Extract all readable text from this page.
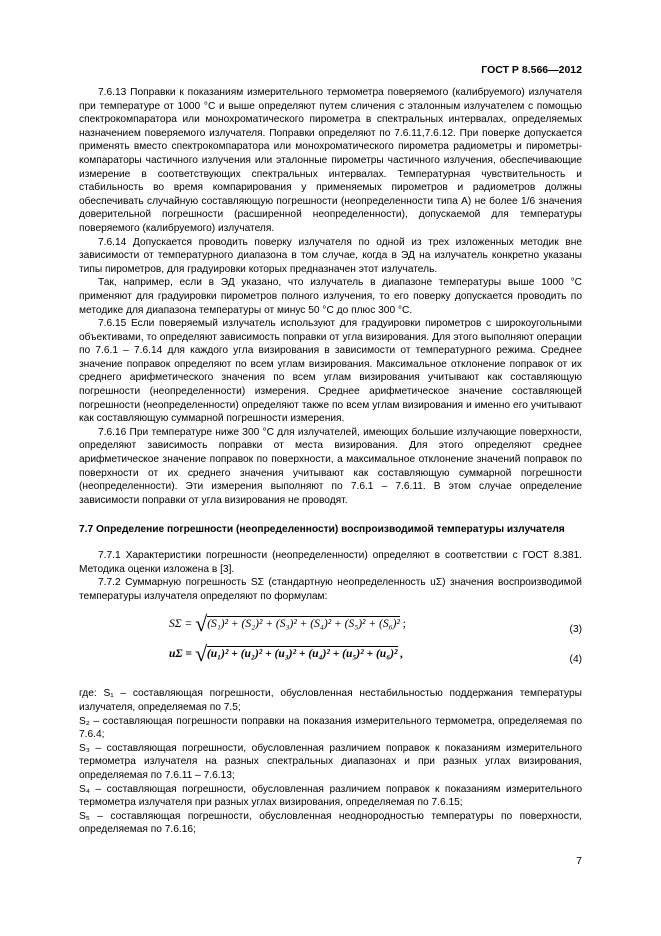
ГОСТ Р 8.566—2012

7.6.13 Поправки к показаниям измерительного термометра поверяемого (калибруемого) излучателя при температуре от 1000 °С и выше определяют путем сличения с эталонным излучателем с помощью спектрокомпаратора или монохроматического пирометра в спектральных интервалах, определяемых назначением поверяемого излучателя. Поправки определяют по 7.6.11,7.6.12. При поверке допускается применять вместо спектрокомпаратора или монохроматического пирометра радиометры и пирометры-компараторы частичного излучения или эталонные пирометры частичного излучения, обеспечивающие измерение в соответствующих спектральных интервалах. Температурная чувствительность и стабильность во время компарирования у применяемых пирометров и радиометров должны обеспечивать случайную составляющую погрешности (неопределенности типа А) не более 1/6 значения доверительной погрешности (расширенной неопределенности), допускаемой для температуры поверяемого (калибруемого) излучателя.

7.6.14 Допускается проводить поверку излучателя по одной из трех изложенных методик вне зависимости от температурного диапазона в том случае, когда в ЭД на излучатель конкретно указаны типы пирометров, для градуировки которых предназначен этот излучатель.

Так, например, если в ЭД указано, что излучатель в диапазоне температуры выше 1000 °С применяют для градуировки пирометров полного излучения, то его поверку допускается проводить по методике для диапазона температуры от минус 50 °С до плюс 300 °С.

7.6.15 Если поверяемый излучатель используют для градуировки пирометров с широкоугольными объективами, то определяют зависимость поправки от угла визирования. Для этого выполняют операции по 7.6.1 – 7.6.14 для каждого угла визирования в зависимости от температурного режима. Среднее значение поправок определяют по всем углам визирования. Максимальное отклонение поправок от их среднего арифметического значения по всем углам визирования учитывают как составляющую погрешности (неопределенности) измерения. Среднее арифметическое значение составляющей погрешности (неопределенности) определяют также по всем углам визирования и именно его учитывают как составляющую суммарной погрешности измерения.

7.6.16 При температуре ниже 300 °С для излучателей, имеющих большие излучающие поверхности, определяют зависимость поправки от места визирования. Для этого определяют среднее арифметическое значение поправок по поверхности, а максимальное отклонение значений поправок по поверхности от их среднего значения учитывают как составляющую суммарной погрешности (неопределенности). Эти измерения выполняют по 7.6.1 – 7.6.11. В этом случае определение зависимости поправки от угла визирования не проводят.

7.7 Определение погрешности (неопределенности) воспроизводимой температуры излучателя

7.7.1 Характеристики погрешности (неопределенности) определяют в соответствии с ГОСТ 8.381. Методика оценки изложена в [3].

7.7.2 Суммарную погрешность SΣ (стандартную неопределенность uΣ) значения воспроизводимой температуры излучателя определяют по формулам:

SΣ = √(S₁)² + (S₂)² + (S₃)² + (S₄)² + (S₅)² + (S₆)² ;	(3)
uΣ = √(u₁)² + (u₂)² + (u₃)² + (u₄)² + (u₅)² + (u₆)² ,	(4)

где: S₁ – составляющая погрешности, обусловленная нестабильностью поддержания температуры излучателя, определяемая по 7.5;

S₂ – составляющая погрешности поправки на показания измерительного термометра, определяемая по 7.6.4;

S₃ – составляющая погрешности, обусловленная различием поправок к показаниям измерительного термометра излучателя на разных спектральных диапазонах и при разных углах визирования, определяемая по 7.6.11 – 7.6.13;

S₄ – составляющая погрешности, обусловленная различием поправок к показаниям измерительного термометра излучателя при разных углах визирования, определяемая по 7.6.15;

S₅ – составляющая погрешности, обусловленная неоднородностью температуры по поверхности, определяемая по 7.6.16;

7
